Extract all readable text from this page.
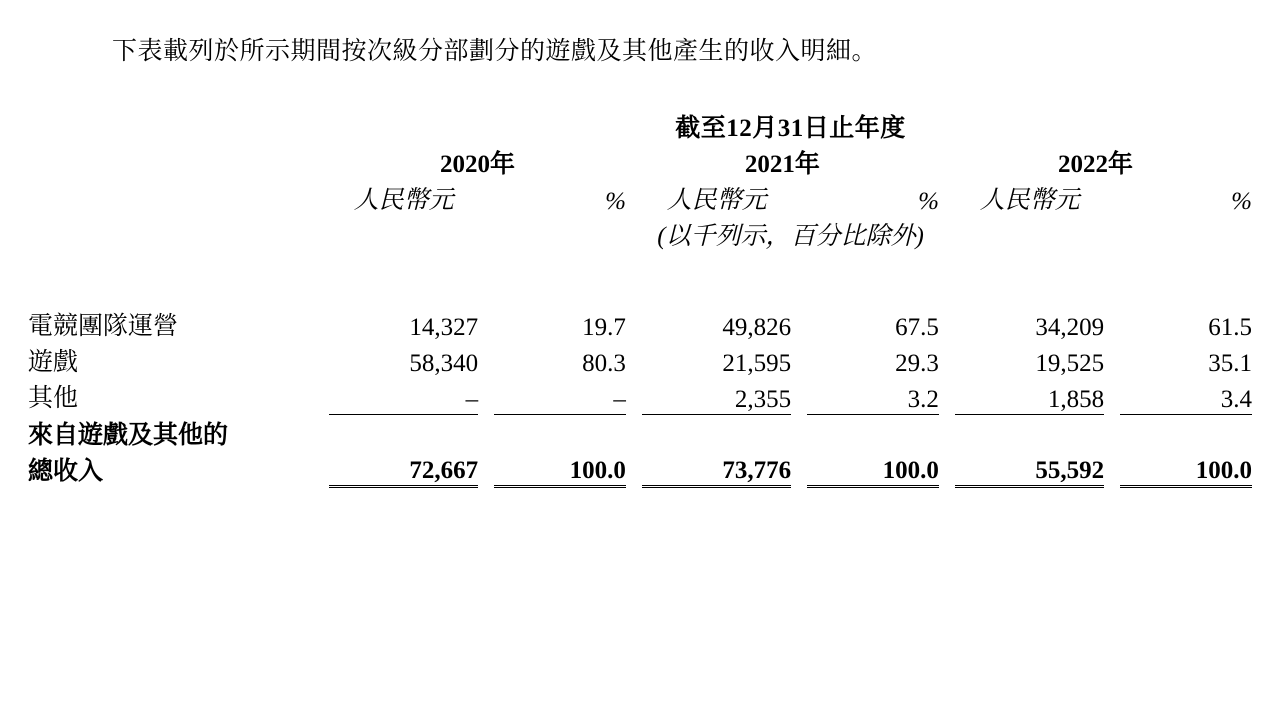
下表載列於所示期間按次級分部劃分的遊戲及其他產生的收入明細。

	截至12月31日止年度										
	2020年			2021年				2022年			
	人民幣元		%		人民幣元		%		人民幣元		%
	(以千列示，百分比除外)										

電競團隊運營	14,327		19.7		49,826		67.5		34,209		61.5
遊戲	58,340		80.3		21,595		29.3		19,525		35.1
其他	–		–		2,355		3.2		1,858		3.4
來自遊戲及其他的											
總收入	72,667		100.0		73,776		100.0		55,592		100.0
